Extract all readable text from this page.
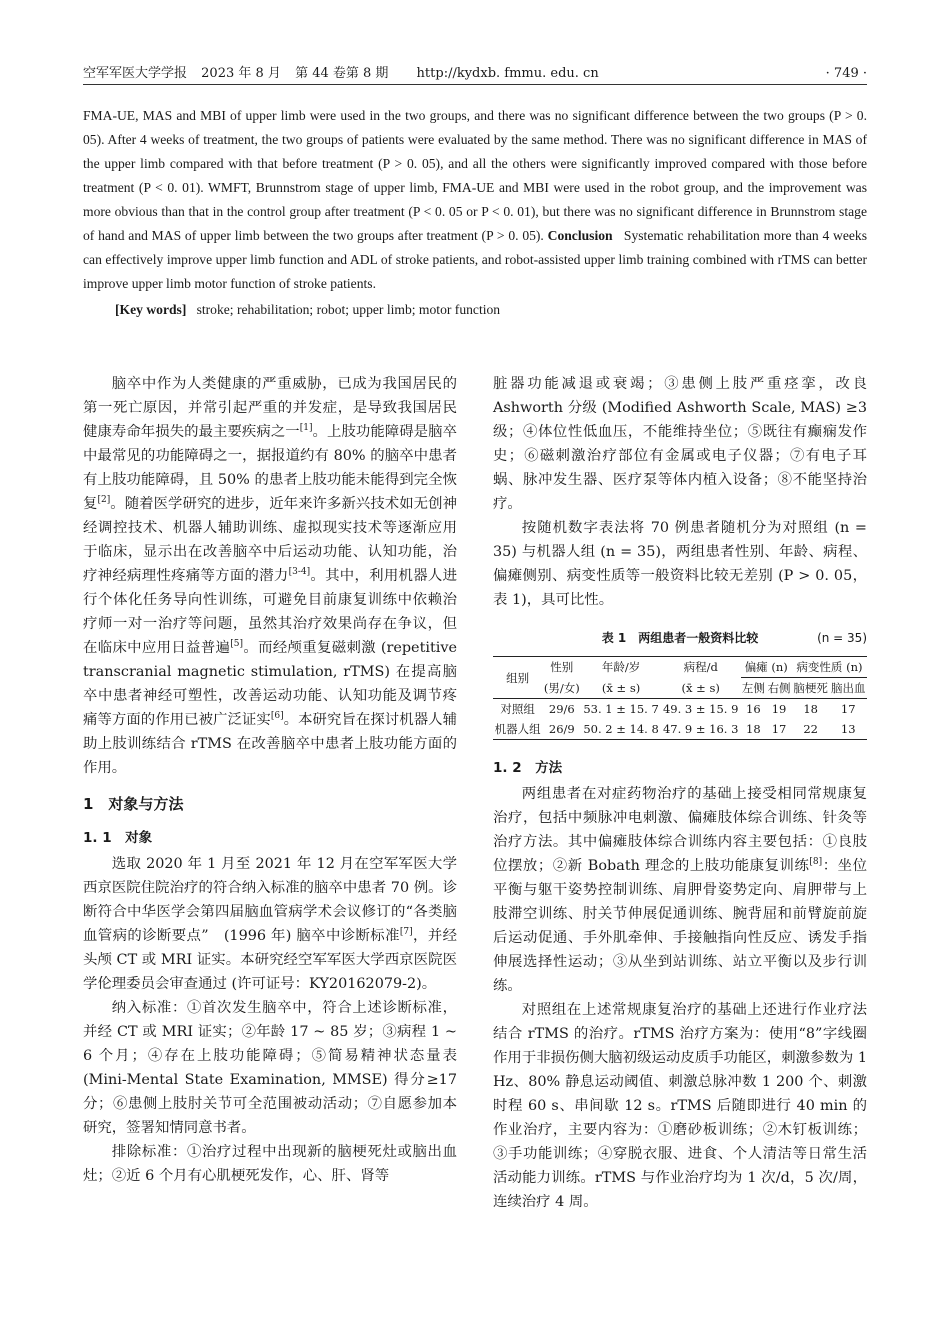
空军军医大学学报 2023 年 8 月 第 44 卷第 8 期 http://kydxb. fmmu. edu. cn	· 749 ·
FMA-UE, MAS and MBI of upper limb were used in the two groups, and there was no significant difference between the two groups (P > 0. 05). After 4 weeks of treatment, the two groups of patients were evaluated by the same method. There was no significant difference in MAS of the upper limb compared with that before treatment (P > 0. 05), and all the others were significantly improved compared with those before treatment (P < 0. 01). WMFT, Brunnstrom stage of upper limb, FMA-UE and MBI were used in the robot group, and the improvement was more obvious than that in the control group after treatment (P < 0. 05 or P < 0. 01), but there was no significant difference in Brunnstrom stage of hand and MAS of upper limb between the two groups after treatment (P > 0. 05). Conclusion Systematic rehabilitation more than 4 weeks can effectively improve upper limb function and ADL of stroke patients, and robot-assisted upper limb training combined with rTMS can better improve upper limb motor function of stroke patients.
[Key words] stroke; rehabilitation; robot; upper limb; motor function

脑卒中作为人类健康的严重威胁，已成为我国居民的第一死亡原因，并常引起严重的并发症，是导致我国居民健康寿命年损失的最主要疾病之一[1]。上肢功能障碍是脑卒中最常见的功能障碍之一，据报道约有 80% 的脑卒中患者有上肢功能障碍，且 50% 的患者上肢功能未能得到完全恢复[2]。随着医学研究的进步，近年来许多新兴技术如无创神经调控技术、机器人辅助训练、虚拟现实技术等逐渐应用于临床，显示出在改善脑卒中后运动功能、认知功能，治疗神经病理性疼痛等方面的潜力[3-4]。其中，利用机器人进行个体化任务导向性训练，可避免目前康复训练中依赖治疗师一对一治疗等问题，虽然其治疗效果尚存在争议，但在临床中应用日益普遍[5]。而经颅重复磁刺激 (repetitive transcranial magnetic stimulation, rTMS) 在提高脑卒中患者神经可塑性，改善运动功能、认知功能及调节疼痛等方面的作用已被广泛证实[6]。本研究旨在探讨机器人辅助上肢训练结合 rTMS 在改善脑卒中患者上肢功能方面的作用。

1　对象与方法
1. 1　对象

选取 2020 年 1 月至 2021 年 12 月在空军军医大学西京医院住院治疗的符合纳入标准的脑卒中患者 70 例。诊断符合中华医学会第四届脑血管病学术会议修订的“各类脑血管病的诊断要点”　(1996 年) 脑卒中诊断标准[7]，并经头颅 CT 或 MRI 证实。本研究经空军军医大学西京医院医学伦理委员会审查通过 (许可证号：KY20162079-2)。

纳入标准：①首次发生脑卒中，符合上述诊断标准，并经 CT 或 MRI 证实；②年龄 17 ~ 85 岁；③病程 1 ~ 6 个月；④存在上肢功能障碍；⑤简易精神状态量表 (Mini-Mental State Examination, MMSE) 得分≥17 分；⑥患侧上肢肘关节可全范围被动活动；⑦自愿参加本研究，签署知情同意书者。

排除标准：①治疗过程中出现新的脑梗死灶或脑出血灶；②近 6 个月有心肌梗死发作，心、肝、肾等

脏器功能减退或衰竭；③患侧上肢严重痉挛，改良 Ashworth 分级 (Modified Ashworth Scale, MAS) ≥3 级；④体位性低血压，不能维持坐位；⑤既往有癫痫发作史；⑥磁刺激治疗部位有金属或电子仪器；⑦有电子耳蜗、脉冲发生器、医疗泵等体内植入设备；⑧不能坚持治疗。

按随机数字表法将 70 例患者随机分为对照组 (n = 35) 与机器人组 (n = 35)，两组患者性别、年龄、病程、偏瘫侧别、病变性质等一般资料比较无差别 (P > 0. 05，表 1)，具可比性。

表 1　两组患者一般资料比较	(n = 35)
组别	性别	年龄/岁	病程/d	偏瘫 (n)		病变性质 (n)	
	(男/女)	(x̄ ± s)	(x̄ ± s)	左侧	右侧	脑梗死	脑出血
对照组	29/6	53. 1 ± 15. 7	49. 3 ± 15. 9	16	19	18	17
机器人组	26/9	50. 2 ± 14. 8	47. 9 ± 16. 3	18	17	22	13
1. 2　方法

两组患者在对症药物治疗的基础上接受相同常规康复治疗，包括中频脉冲电刺激、偏瘫肢体综合训练、针灸等治疗方法。其中偏瘫肢体综合训练内容主要包括：①良肢位摆放；②新 Bobath 理念的上肢功能康复训练[8]：坐位平衡与躯干姿势控制训练、肩胛骨姿势定向、肩胛带与上肢滞空训练、肘关节伸展促通训练、腕背屈和前臂旋前旋后运动促通、手外肌牵伸、手接触指向性反应、诱发手指伸展选择性运动；③从坐到站训练、站立平衡以及步行训练。

对照组在上述常规康复治疗的基础上还进行作业疗法结合 rTMS 的治疗。rTMS 治疗方案为：使用“8”字线圈作用于非损伤侧大脑初级运动皮质手功能区，刺激参数为 1 Hz、80% 静息运动阈值、刺激总脉冲数 1 200 个、刺激时程 60 s、串间歇 12 s。rTMS 后随即进行 40 min 的作业治疗，主要内容为：①磨砂板训练；②木钉板训练；③手功能训练；④穿脱衣服、进食、个人清洁等日常生活活动能力训练。rTMS 与作业治疗均为 1 次/d，5 次/周，连续治疗 4 周。
